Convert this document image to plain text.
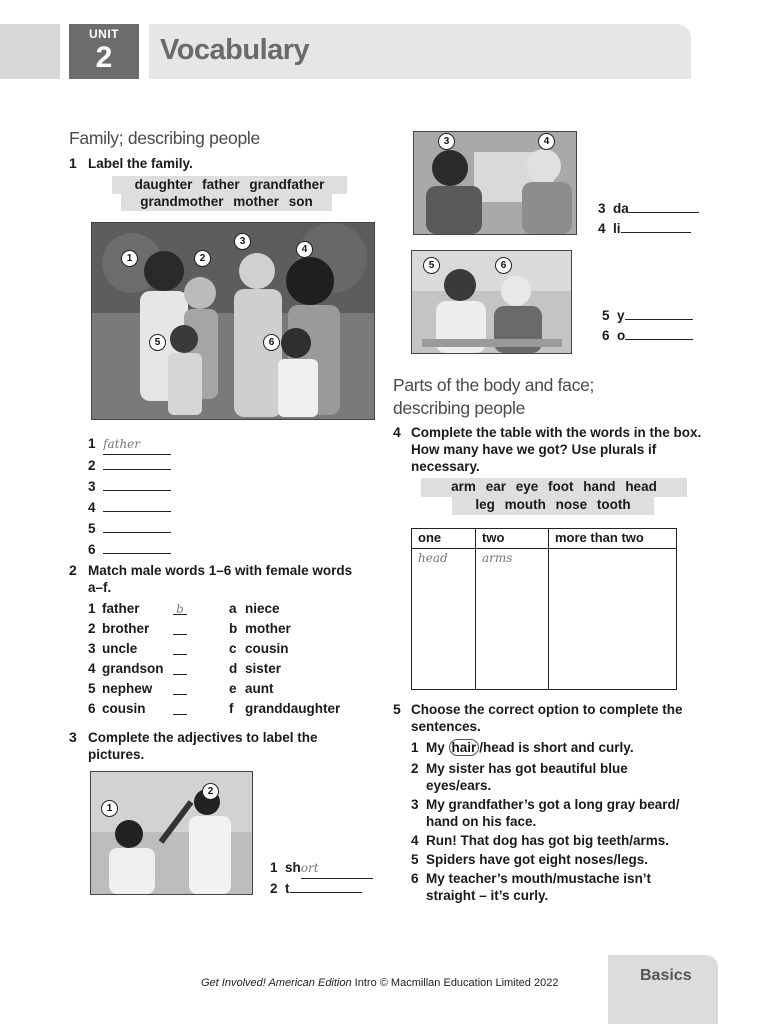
UNIT
2	Vocabulary
Family; describing people
1 Label the family.
daughter father grandfather
grandmother mother son
1	2
3
4
5	6
1 father
2
3
4
5
6
2 Match male words 1–6 with female words a–f.
1 father	b	a niece
2 brother	b mother
3 uncle	c cousin
4 grandson	d sister
5 nephew	e aunt
6 cousin	f granddaughter
3 Complete the adjectives to label the pictures.
1
2
1 short
2 t
3	4
3 da
4 li
5	6
5 y
6 o
Parts of the body and face;
describing people
4 Complete the table with the words in the box. How many have we got? Use plurals if necessary.
arm ear eye foot hand head
leg mouth nose tooth
one	two	more than two
head	arms	
5 Choose the correct option to complete the sentences.
1 My hair /head is short and curly.
2 My sister has got beautiful blue
eyes/ears.
3 My grandfather’s got a long gray beard/
hand on his face.
4 Run! That dog has got big teeth/arms.
5 Spiders have got eight noses/legs.
6 My teacher’s mouth/mustache isn’t
straight – it’s curly.
Get Involved! American Edition Intro © Macmillan Education Limited 2022	Basics
